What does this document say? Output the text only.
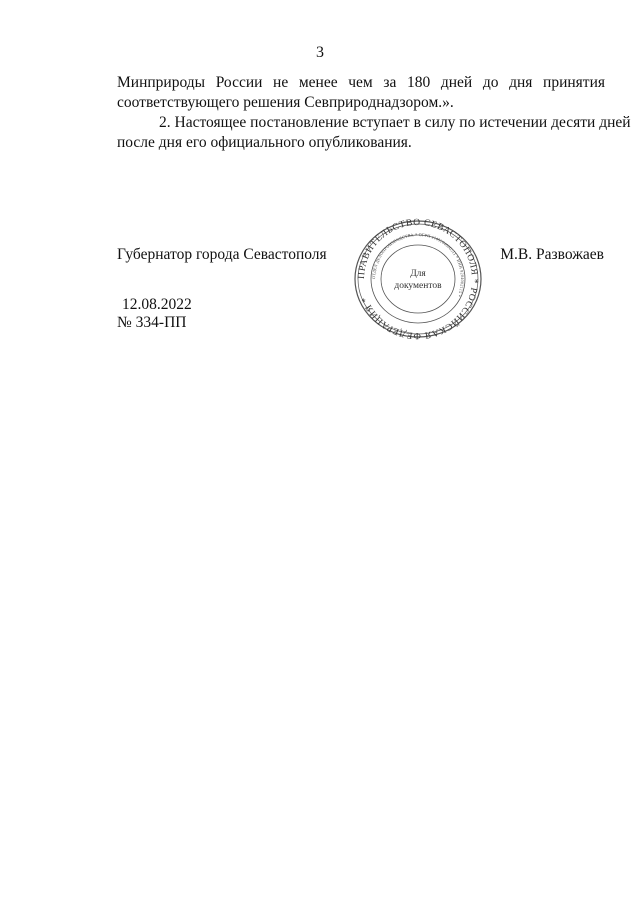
3
Минприроды России не менее чем за 180 дней до дня принятия
соответствующего решения Севприроднадзором.».
2. Настоящее постановление вступает в силу по истечении десяти дней
после дня его официального опубликования.
Губернатор города Севастополя	М.В. Развожаев
ПРАВИТЕЛЬСТВО СЕВАСТОПОЛЯ * РОССИЙСКАЯ ФЕДЕРАЦИЯ *
ОТДЕЛ ДЕЛОПРОИЗВОДСТВА * ОГРН 1149204000511 * ИНН 9204002115 *
Для
документов
12.08.2022
№ 334-ПП
